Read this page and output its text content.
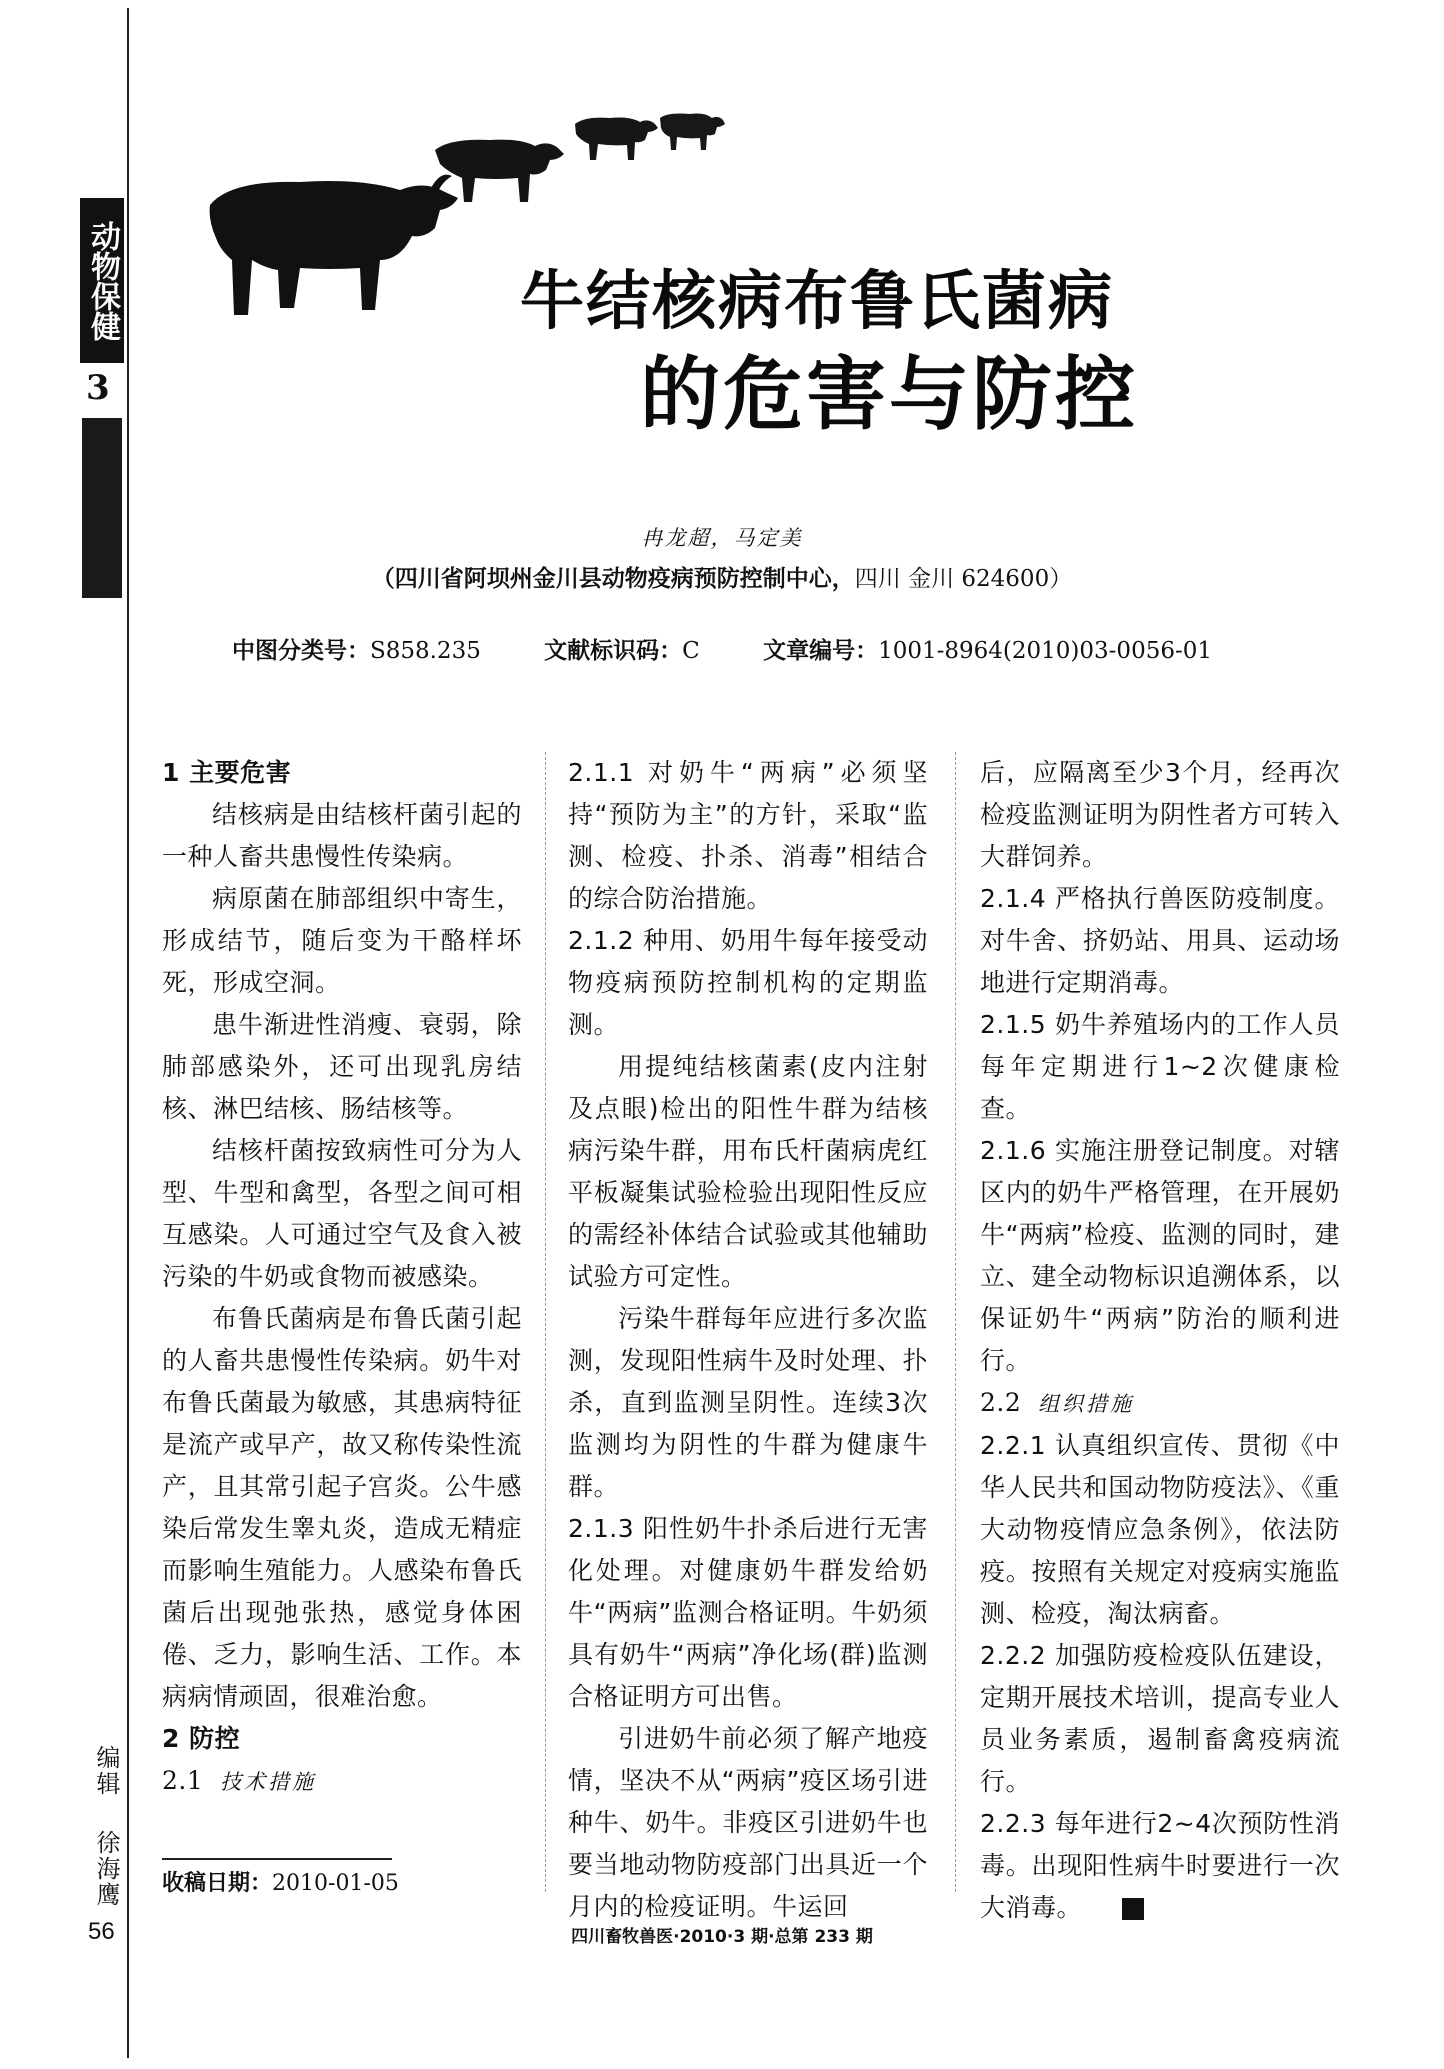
动物保健
3
编辑
徐海鹰
56
牛结核病布鲁氏菌病
的危害与防控
冉龙超，马定美
（四川省阿坝州金川县动物疫病预防控制中心，四川 金川 624600）
中图分类号：S858.235	文献标识码：C	文章编号：1001-8964(2010)03-0056-01

1 主要危害

结核病是由结核杆菌引起的一种人畜共患慢性传染病。

病原菌在肺部组织中寄生，形成结节，随后变为干酪样坏死，形成空洞。

患牛渐进性消瘦、衰弱，除肺部感染外，还可出现乳房结核、淋巴结核、肠结核等。

结核杆菌按致病性可分为人型、牛型和禽型，各型之间可相互感染。人可通过空气及食入被污染的牛奶或食物而被感染。

布鲁氏菌病是布鲁氏菌引起的人畜共患慢性传染病。奶牛对布鲁氏菌最为敏感，其患病特征是流产或早产，故又称传染性流产，且其常引起子宫炎。公牛感染后常发生睾丸炎，造成无精症而影响生殖能力。人感染布鲁氏菌后出现弛张热，感觉身体困倦、乏力，影响生活、工作。本病病情顽固，很难治愈。

2 防控

2.1 技术措施

2.1.1 对奶牛“两病”必须坚持“预防为主”的方针，采取“监测、检疫、扑杀、消毒”相结合的综合防治措施。

2.1.2 种用、奶用牛每年接受动物疫病预防控制机构的定期监测。

用提纯结核菌素(皮内注射及点眼)检出的阳性牛群为结核病污染牛群，用布氏杆菌病虎红平板凝集试验检验出现阳性反应的需经补体结合试验或其他辅助试验方可定性。

污染牛群每年应进行多次监测，发现阳性病牛及时处理、扑杀，直到监测呈阴性。连续3次监测均为阴性的牛群为健康牛群。

2.1.3 阳性奶牛扑杀后进行无害化处理。对健康奶牛群发给奶牛“两病”监测合格证明。牛奶须具有奶牛“两病”净化场(群)监测合格证明方可出售。

引进奶牛前必须了解产地疫情，坚决不从“两病”疫区场引进种牛、奶牛。非疫区引进奶牛也要当地动物防疫部门出具近一个月内的检疫证明。牛运回

后，应隔离至少3个月，经再次检疫监测证明为阴性者方可转入大群饲养。

2.1.4 严格执行兽医防疫制度。对牛舍、挤奶站、用具、运动场地进行定期消毒。

2.1.5 奶牛养殖场内的工作人员每年定期进行1~2次健康检查。

2.1.6 实施注册登记制度。对辖区内的奶牛严格管理，在开展奶牛“两病”检疫、监测的同时，建立、建全动物标识追溯体系，以保证奶牛“两病”防治的顺利进行。

2.2 组织措施

2.2.1 认真组织宣传、贯彻《中华人民共和国动物防疫法》、《重大动物疫情应急条例》，依法防疫。按照有关规定对疫病实施监测、检疫，淘汰病畜。

2.2.2 加强防疫检疫队伍建设，定期开展技术培训，提高专业人员业务素质，遏制畜禽疫病流行。

2.2.3 每年进行2~4次预防性消毒。出现阳性病牛时要进行一次大消毒。

收稿日期：2010-01-05
四川畜牧兽医·2010·3 期·总第 233 期
